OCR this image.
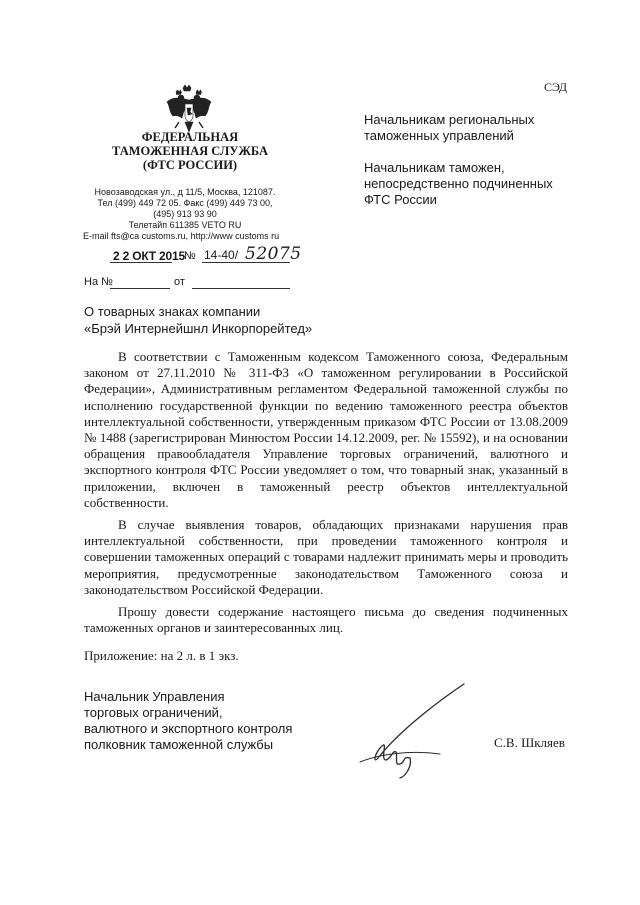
СЭД
ФЕДЕРАЛЬНАЯ
ТАМОЖЕННАЯ СЛУЖБА
(ФТС РОССИИ)
Новозаводская ул., д 11/5, Москва, 121087.
Тел (499) 449 72 05. Факс (499) 449 73 00,
(495) 913 93 90
Телетайп 611385 VETO RU
E-mail fts@ca customs.ru, http://www customs ru
2 2 ОКТ 2015 № 14-40/ 52075
На №	от

Начальникам региональных
таможенных управлений

Начальникам таможен,
непосредственно подчиненных
ФТС России

О товарных знаках компании
«Брэй Интернейшнл Инкорпорейтед»

В соответствии с Таможенным кодексом Таможенного союза, Федеральным законом от 27.11.2010 № 311-ФЗ «О таможенном регулировании в Российской Федерации», Административным регламентом Федеральной таможенной службы по исполнению государственной функции по ведению таможенного реестра объектов интеллектуальной собственности, утвержденным приказом ФТС России от 13.08.2009 № 1488 (зарегистрирован Минюстом России 14.12.2009, рег. № 15592), и на основании обращения правообладателя Управление торговых ограничений, валютного и экспортного контроля ФТС России уведомляет о том, что товарный знак, указанный в приложении, включен в таможенный реестр объектов интеллектуальной собственности.

В случае выявления товаров, обладающих признаками нарушения прав интеллектуальной собственности, при проведении таможенного контроля и совершении таможенных операций с товарами надлежит принимать меры и проводить мероприятия, предусмотренные законодательством Таможенного союза и законодательством Российской Федерации.

Прошу довести содержание настоящего письма до сведения подчиненных таможенных органов и заинтересованных лиц.

Приложение: на 2 л. в 1 экз.
Начальник Управления
торговых ограничений,
валютного и экспортного контроля
полковник таможенной службы	С.В. Шкляев
